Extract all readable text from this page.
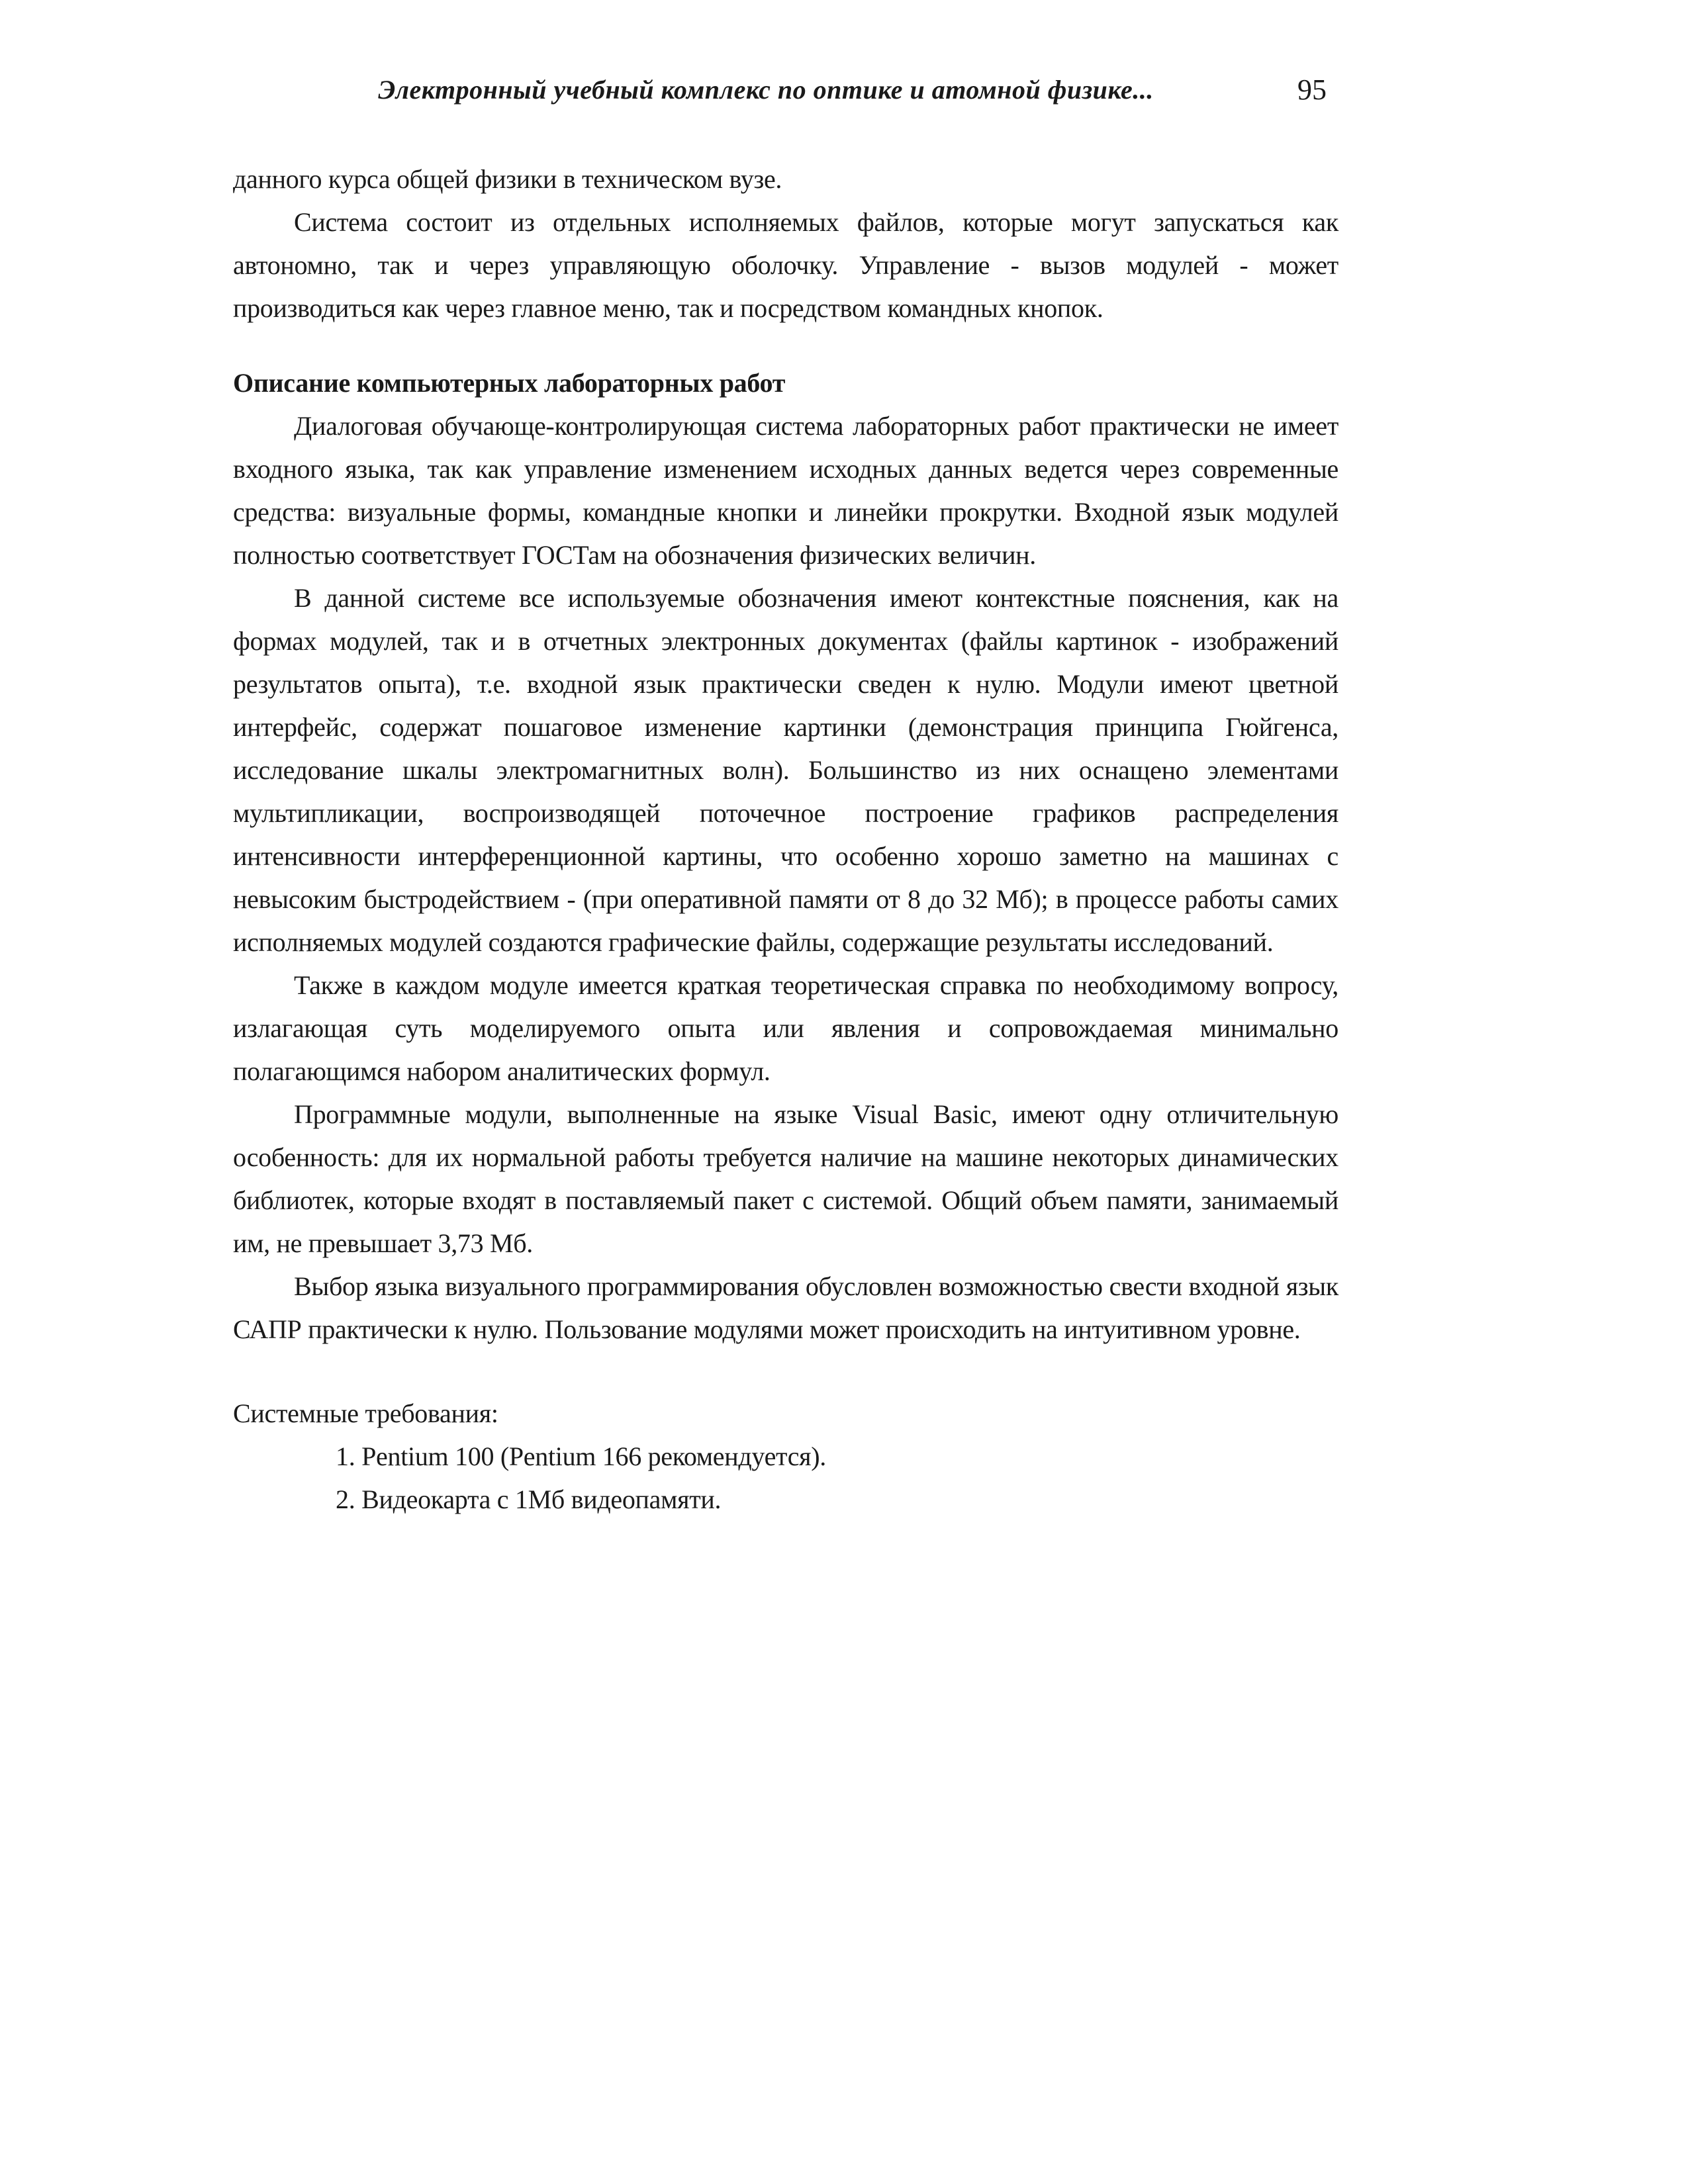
Электронный учебный комплекс по оптике и атомной физике...	95

данного курса общей физики в техническом вузе.

Система состоит из отдельных исполняемых файлов, которые могут запускаться как автономно, так и через управляющую оболочку. Управление - вызов модулей - может производиться как через главное меню, так и посредством командных кнопок.

Описание компьютерных лабораторных работ

Диалоговая обучающе-контролирующая система лабораторных работ практически не имеет входного языка, так как управление изменением исходных данных ведется через современные средства: визуальные формы, командные кнопки и линейки прокрутки. Входной язык модулей полностью соответствует ГОСТам на обозначения физических величин.

В данной системе все используемые обозначения имеют контекстные пояснения, как на формах модулей, так и в отчетных электронных документах (файлы картинок - изображений результатов опыта), т.е. входной язык практически сведен к нулю. Модули имеют цветной интерфейс, содержат пошаговое изменение картинки (демонстрация принципа Гюйгенса, исследование шкалы электромагнитных волн). Большинство из них оснащено элементами мультипликации, воспроизводящей поточечное построение графиков распределения интенсивности интерференционной картины, что особенно хорошо заметно на машинах с невысоким быстродействием - (при оперативной памяти от 8 до 32 Мб); в процессе работы самих исполняемых модулей создаются графические файлы, содержащие результаты исследований.

Также в каждом модуле имеется краткая теоретическая справка по необходимому вопросу, излагающая суть моделируемого опыта или явления и сопровождаемая минимально полагающимся набором аналитических формул.

Программные модули, выполненные на языке Visual Basic, имеют одну отличительную особенность: для их нормальной работы требуется наличие на машине некоторых динамических библиотек, которые входят в поставляемый пакет с системой. Общий объем памяти, занимаемый им, не превышает 3,73 Мб.

Выбор языка визуального программирования обусловлен возможностью свести входной язык САПР практически к нулю. Пользование модулями может происходить на интуитивном уровне.

Системные требования:

1. Pentium 100 (Pentium 166 рекомендуется).

2. Видеокарта с 1Мб видеопамяти.
